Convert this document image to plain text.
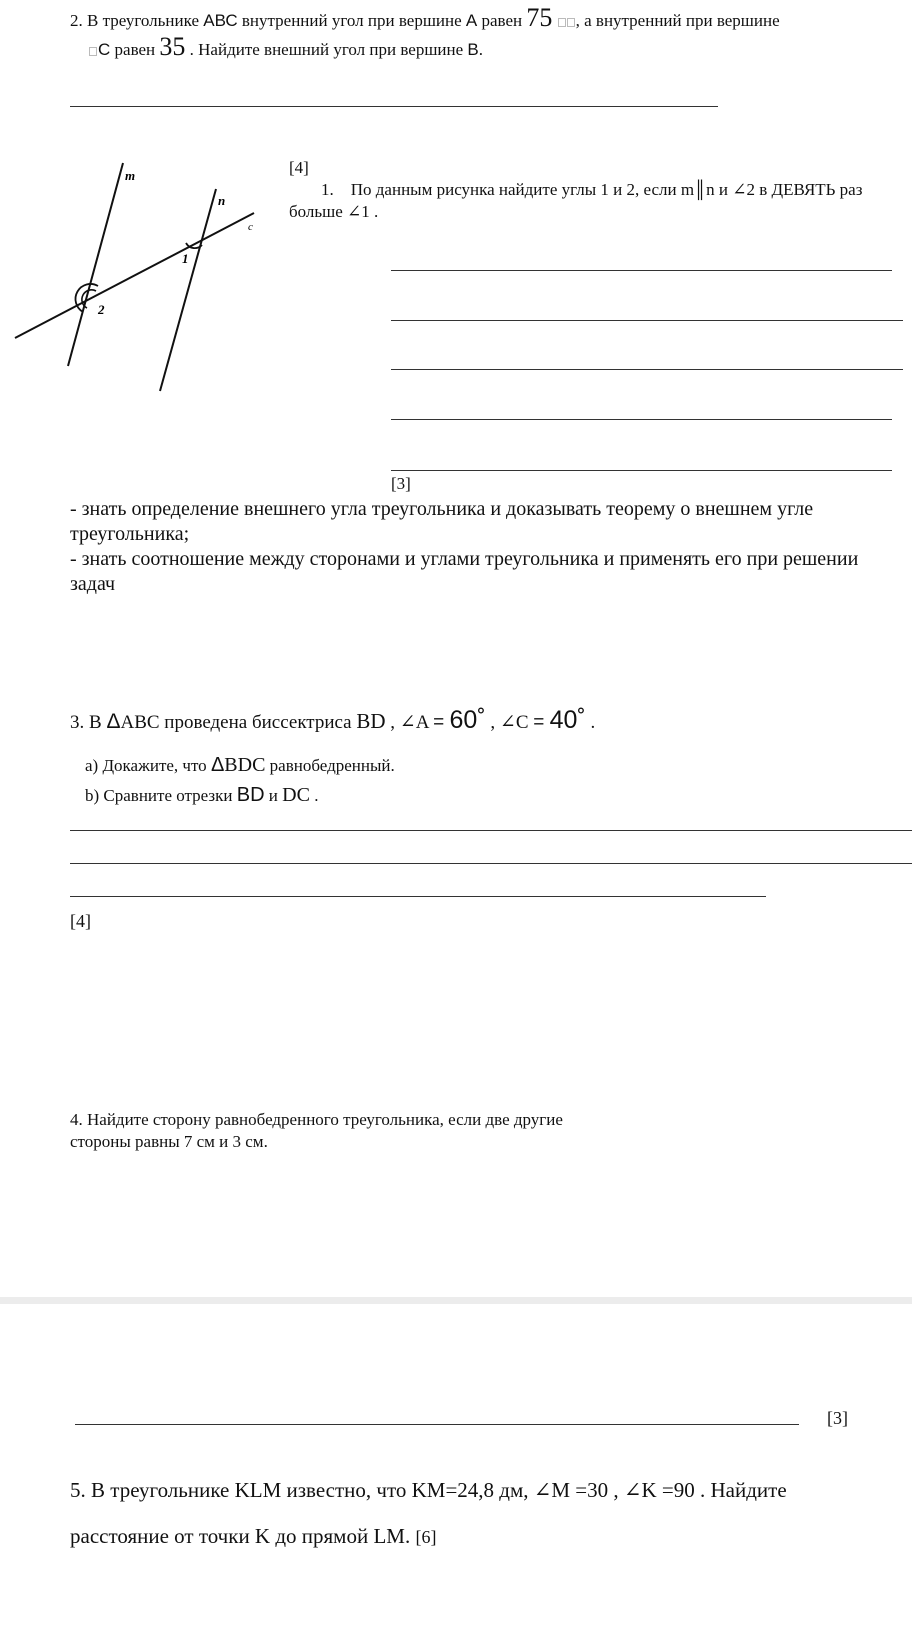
2. В треугольнике АВС внутренний угол при вершине А равен 75 , а внутренний при вершине
С равен 35 . Найдите внешний угол при вершине В.
m
n
c
1
2
[4]
1. По данным рисунка найдите углы 1 и 2, если m║n и ∠2 в ДЕВЯТЬ раз больше ∠1 .
[3]
- знать определение внешнего угла треугольника и доказывать теорему о внешнем угле треугольника;
- знать соотношение между сторонами и углами треугольника и применять его при решении задач
3. В ΔABC проведена биссектриса BD , ∠A = 60˚ , ∠C = 40˚ .
a) Докажите, что ΔBDC равнобедренный.
b) Сравните отрезки BD и DC .
[4]
4. Найдите сторону равнобедренного треугольника, если две другие
стороны равны 7 см и 3 см.
[3]
5. В треугольнике KLM известно, что KM=24,8 дм, ∠M =30 , ∠K =90 . Найдите
расстояние от точки K до прямой LM. [6]
